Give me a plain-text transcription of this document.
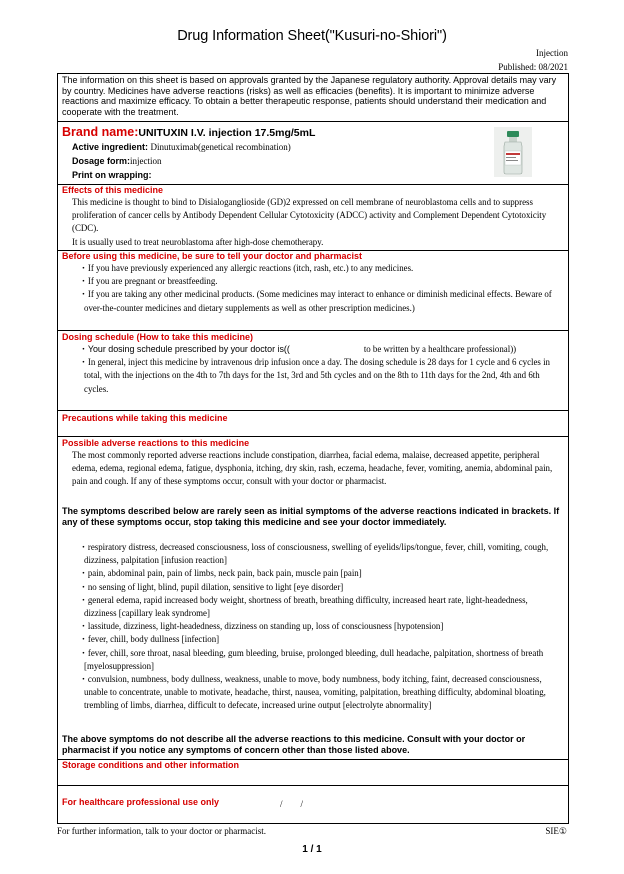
Drug Information Sheet("Kusuri-no-Shiori")
Injection
Published: 08/2021
The information on this sheet is based on approvals granted by the Japanese regulatory authority. Approval details may vary by country. Medicines have adverse reactions (risks) as well as efficacies (benefits). It is important to minimize adverse reactions and maximize efficacy. To obtain a better therapeutic response, patients should understand their medication and cooperate with the treatment.
Brand name:UNITUXIN I.V. injection 17.5mg/5mL
Active ingredient: Dinutuximab(genetical recombination)
Dosage form:injection
Print on wrapping:
Effects of this medicine

This medicine is thought to bind to Disialoganglioside (GD)2 expressed on cell membrane of neuroblastoma cells and to suppress proliferation of cancer cells by Antibody Dependent Cellular Cytotoxicity (ADCC) activity and Complement Dependent Cytotoxicity (CDC).

It is usually used to treat neuroblastoma after high-dose chemotherapy.

Before using this medicine, be sure to tell your doctor and pharmacist

・If you have previously experienced any allergic reactions (itch, rash, etc.) to any medicines.

・If you are pregnant or breastfeeding.

・If you are taking any other medicinal products. (Some medicines may interact to enhance or diminish medicinal effects. Beware of over-the-counter medicines and dietary supplements as well as other prescription medicines.)

Dosing schedule (How to take this medicine)

・Your dosing schedule prescribed by your doctor is((	to be written by a healthcare professional))

・In general, inject this medicine by intravenous drip infusion once a day. The dosing schedule is 28 days for 1 cycle and 6 cycles in total, with the injections on the 4th to 7th days for the 1st, 3rd and 5th cycles and on the 8th to 11th days for the 2nd, 4th and 6th cycles.

Precautions while taking this medicine
Possible adverse reactions to this medicine
The most commonly reported adverse reactions include constipation, diarrhea, facial edema, malaise, decreased appetite, peripheral edema, edema, regional edema, fatigue, dysphonia, itching, dry skin, rash, eczema, headache, fever, vomiting, anemia, abdominal pain, pain and cough. If any of these symptoms occur, consult with your doctor or pharmacist.
The symptoms described below are rarely seen as initial symptoms of the adverse reactions indicated in brackets. If any of these symptoms occur, stop taking this medicine and see your doctor immediately.

・respiratory distress, decreased consciousness, loss of consciousness, swelling of eyelids/lips/tongue, fever, chill, vomiting, cough, dizziness, palpitation [infusion reaction]

・pain, abdominal pain, pain of limbs, neck pain, back pain, muscle pain [pain]

・no sensing of light, blind, pupil dilation, sensitive to light [eye disorder]

・general edema, rapid increased body weight, shortness of breath, breathing difficulty, increased heart rate, light-headedness, dizziness [capillary leak syndrome]

・lassitude, dizziness, light-headedness, dizziness on standing up, loss of consciousness [hypotension]

・fever, chill, body dullness [infection]

・fever, chill, sore throat, nasal bleeding, gum bleeding, bruise, prolonged bleeding, dull headache, palpitation, shortness of breath [myelosuppression]

・convulsion, numbness, body dullness, weakness, unable to move, body numbness, body itching, faint, decreased consciousness, unable to concentrate, unable to motivate, headache, thirst, nausea, vomiting, palpitation, breathing difficulty, abdominal bloating, trembling of limbs, diarrhea, difficult to defecate, increased urine output [electrolyte abnormality]

The above symptoms do not describe all the adverse reactions to this medicine. Consult with your doctor or pharmacist if you notice any symptoms of concern other than those listed above.
Storage conditions and other information
For healthcare professional use only	/　　/
For further information, talk to your doctor or pharmacist.	SIE①
1 / 1
